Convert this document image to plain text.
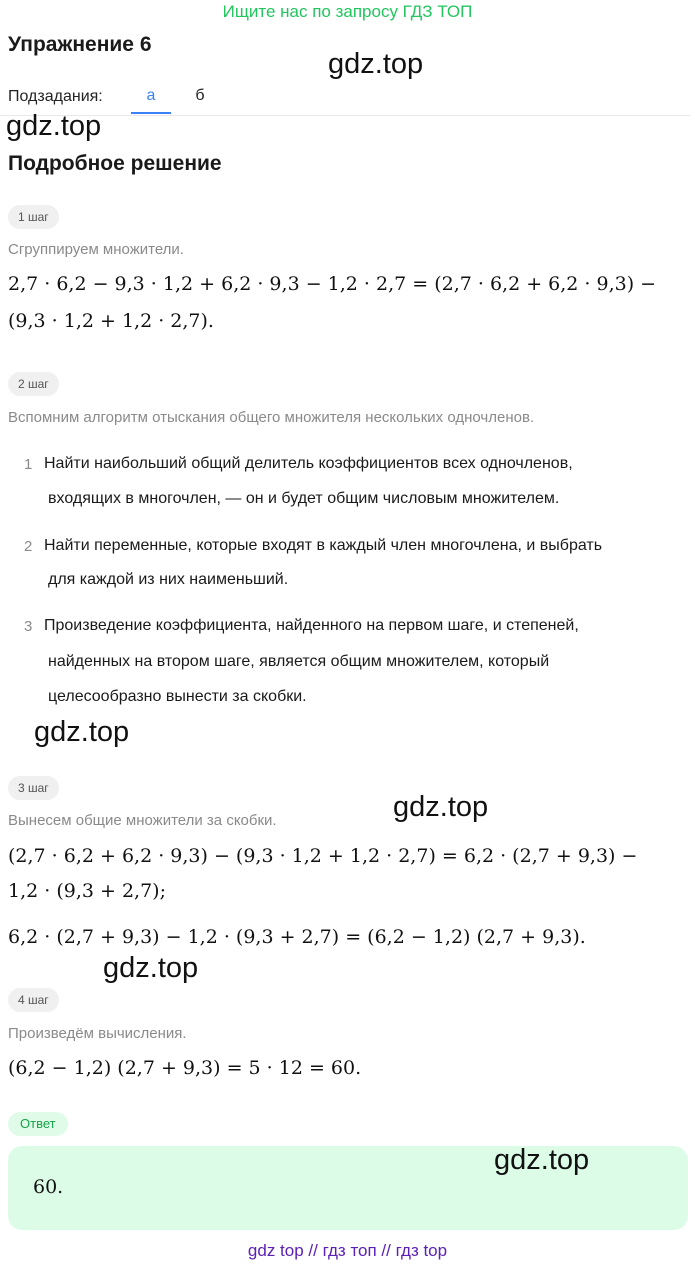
Ищите нас по запросу ГДЗ ТОП
Упражнение 6
gdz.top
Подзадания:	а	б
gdz.top
Подробное решение
1 шаг
Сгруппируем множители.
2,7 · 6,2 − 9,3 · 1,2 + 6,2 · 9,3 − 1,2 · 2,7 = (2,7 · 6,2 + 6,2 · 9,3) −
(9,3 · 1,2 + 1,2 · 2,7).
2 шаг
Вспомним алгоритм отыскания общего множителя нескольких одночленов.
1 Найти наибольший общий делитель коэффициентов всех одночленов,
входящих в многочлен, — он и будет общим числовым множителем.
2 Найти переменные, которые входят в каждый член многочлена, и выбрать
для каждой из них наименьший.
3 Произведение коэффициента, найденного на первом шаге, и степеней,
найденных на втором шаге, является общим множителем, который
целесообразно вынести за скобки.
gdz.top
3 шаг
gdz.top
Вынесем общие множители за скобки.
(2,7 · 6,2 + 6,2 · 9,3) − (9,3 · 1,2 + 1,2 · 2,7) = 6,2 · (2,7 + 9,3) −
1,2 · (9,3 + 2,7);
6,2 · (2,7 + 9,3) − 1,2 · (9,3 + 2,7) = (6,2 − 1,2) (2,7 + 9,3).
gdz.top
4 шаг
Произведём вычисления.
(6,2 − 1,2) (2,7 + 9,3) = 5 · 12 = 60.
Ответ
60.
gdz.top
gdz top // гдз топ // гдз top
